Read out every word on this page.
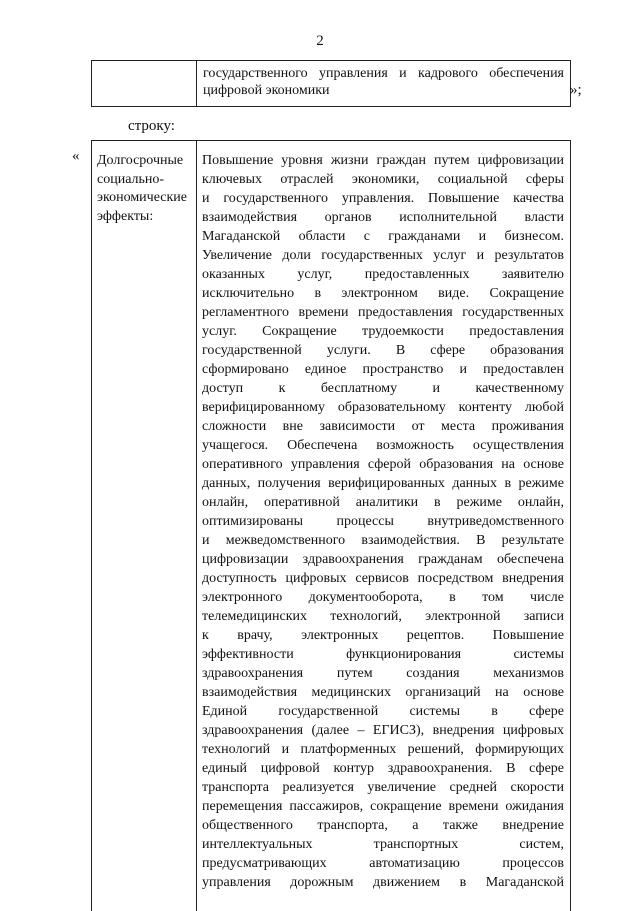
2
государственного управления и кадрового обеспечения цифровой экономики	»;
строку:
« Долгосрочные
социально-
экономические
эффекты:
Повышение уровня жизни граждан путем цифровизации
ключевых отраслей экономики, социальной сферы
и государственного управления. Повышение качества
взаимодействия органов исполнительной власти
Магаданской области с гражданами и бизнесом.
Увеличение доли государственных услуг и результатов
оказанных услуг, предоставленных заявителю
исключительно в электронном виде. Сокращение
регламентного времени предоставления государственных
услуг. Сокращение трудоемкости предоставления
государственной услуги. В сфере образования
сформировано единое пространство и предоставлен
доступ к бесплатному и качественному
верифицированному образовательному контенту любой
сложности вне зависимости от места проживания
учащегося. Обеспечена возможность осуществления
оперативного управления сферой образования на основе
данных, получения верифицированных данных в режиме
онлайн, оперативной аналитики в режиме онлайн,
оптимизированы процессы внутриведомственного
и межведомственного взаимодействия. В результате
цифровизации здравоохранения гражданам обеспечена
доступность цифровых сервисов посредством внедрения
электронного документооборота, в том числе
телемедицинских технологий, электронной записи
к врачу, электронных рецептов. Повышение
эффективности функционирования системы
здравоохранения путем создания механизмов
взаимодействия медицинских организаций на основе
Единой государственной системы в сфере
здравоохранения (далее – ЕГИСЗ), внедрения цифровых
технологий и платформенных решений, формирующих
единый цифровой контур здравоохранения. В сфере
транспорта реализуется увеличение средней скорости
перемещения пассажиров, сокращение времени ожидания
общественного транспорта, а также внедрение
интеллектуальных транспортных систем,
предусматривающих автоматизацию процессов
управления дорожным движением в Магаданской
